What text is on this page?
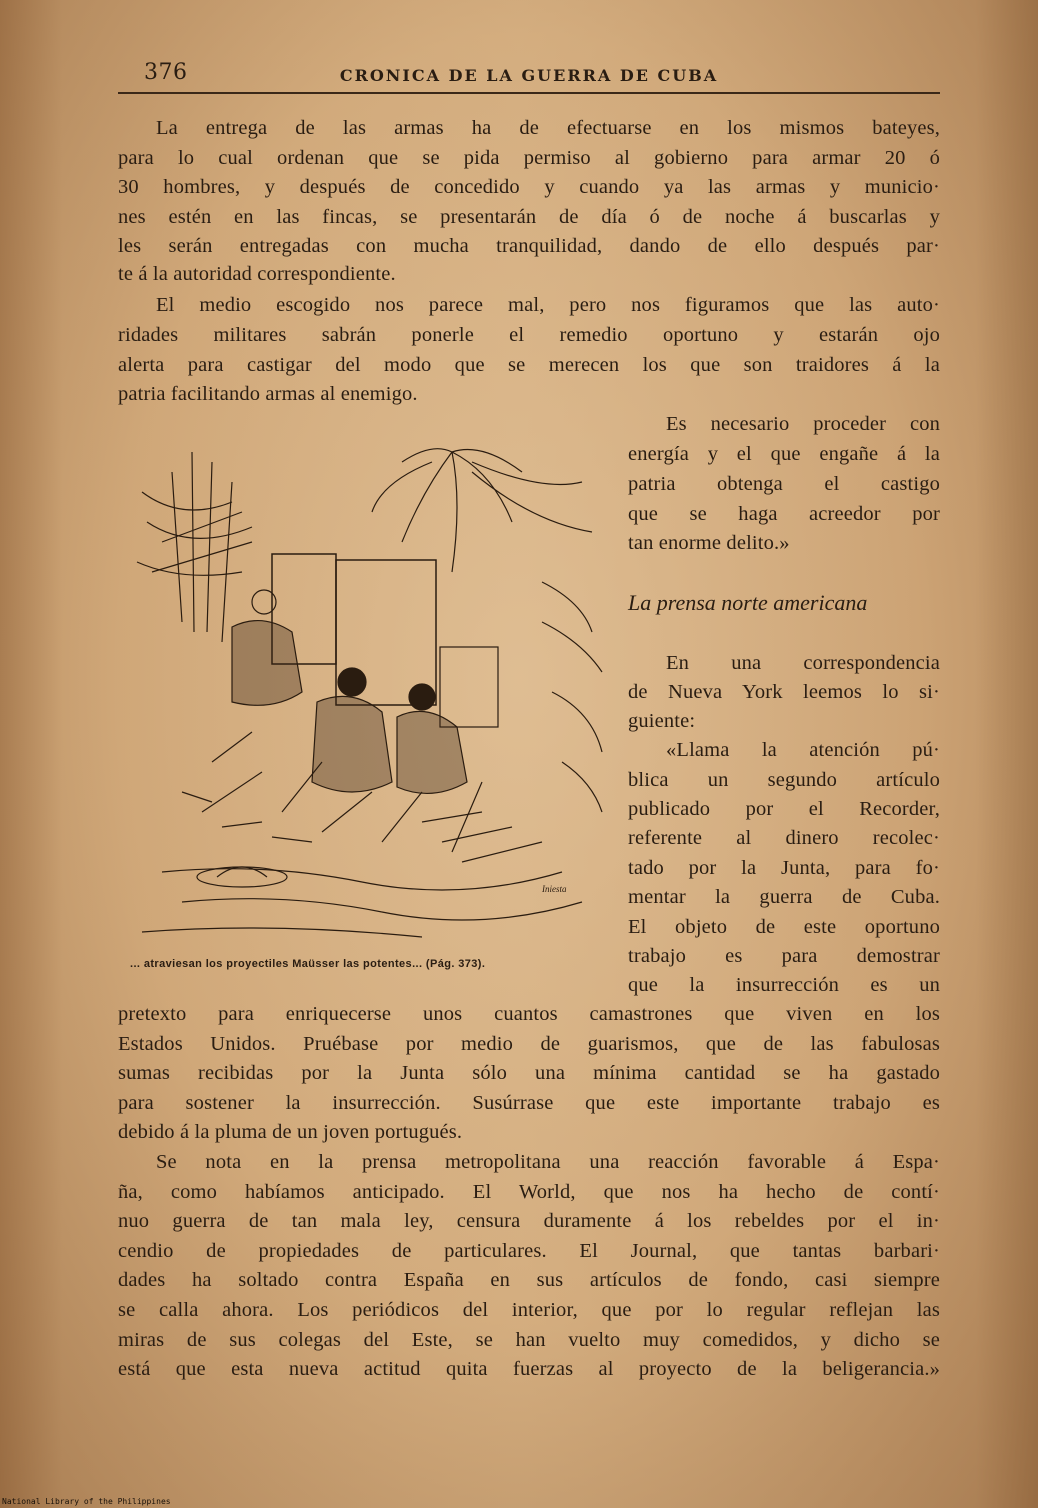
376	CRONICA DE LA GUERRA DE CUBA
La entrega de las armas ha de efectuarse en los mismos bateyes,
para lo cual ordenan que se pida permiso al gobierno para armar 20 ó
30 hombres, y después de concedido y cuando ya las armas y municio·
nes estén en las fincas, se presentarán de día ó de noche á buscarlas y
les serán entregadas con mucha tranquilidad, dando de ello después par·
te á la autoridad correspondiente.
El medio escogido nos parece mal, pero nos figuramos que las auto·
ridades militares sabrán ponerle el remedio oportuno y estarán ojo
alerta para castigar del modo que se merecen los que son traidores á la
patria facilitando armas al enemigo.
Es necesario proceder con
energía y el que engañe á la
patria obtenga el castigo
que se haga acreedor por
tan enorme delito.»
La prensa norte americana
En una correspondencia
de Nueva York leemos lo si·
guiente:
«Llama la atención pú·
blica un segundo artículo
publicado por el Recorder,
referente al dinero recolec·
tado por la Junta, para fo·
mentar la guerra de Cuba.
El objeto de este oportuno
trabajo es para demostrar
que la insurrección es un
pretexto para enriquecerse unos cuantos camastrones que viven en los
Estados Unidos. Pruébase por medio de guarismos, que de las fabulosas
sumas recibidas por la Junta sólo una mínima cantidad se ha gastado
para sostener la insurrección. Susúrrase que este importante trabajo es
debido á la pluma de un joven portugués.
Se nota en la prensa metropolitana una reacción favorable á Espa·
ña, como habíamos anticipado. El World, que nos ha hecho de contí·
nuo guerra de tan mala ley, censura duramente á los rebeldes por el in·
cendio de propiedades de particulares. El Journal, que tantas barbari·
dades ha soltado contra España en sus artículos de fondo, casi siempre
se calla ahora. Los periódicos del interior, que por lo regular reflejan las
miras de sus colegas del Este, se han vuelto muy comedidos, y dicho se
está que esta nueva actitud quita fuerzas al proyecto de la beligerancia.»
Iniesta
... atraviesan los proyectiles Maüsser las potentes... (Pág. 373).
National Library of the Philippines
